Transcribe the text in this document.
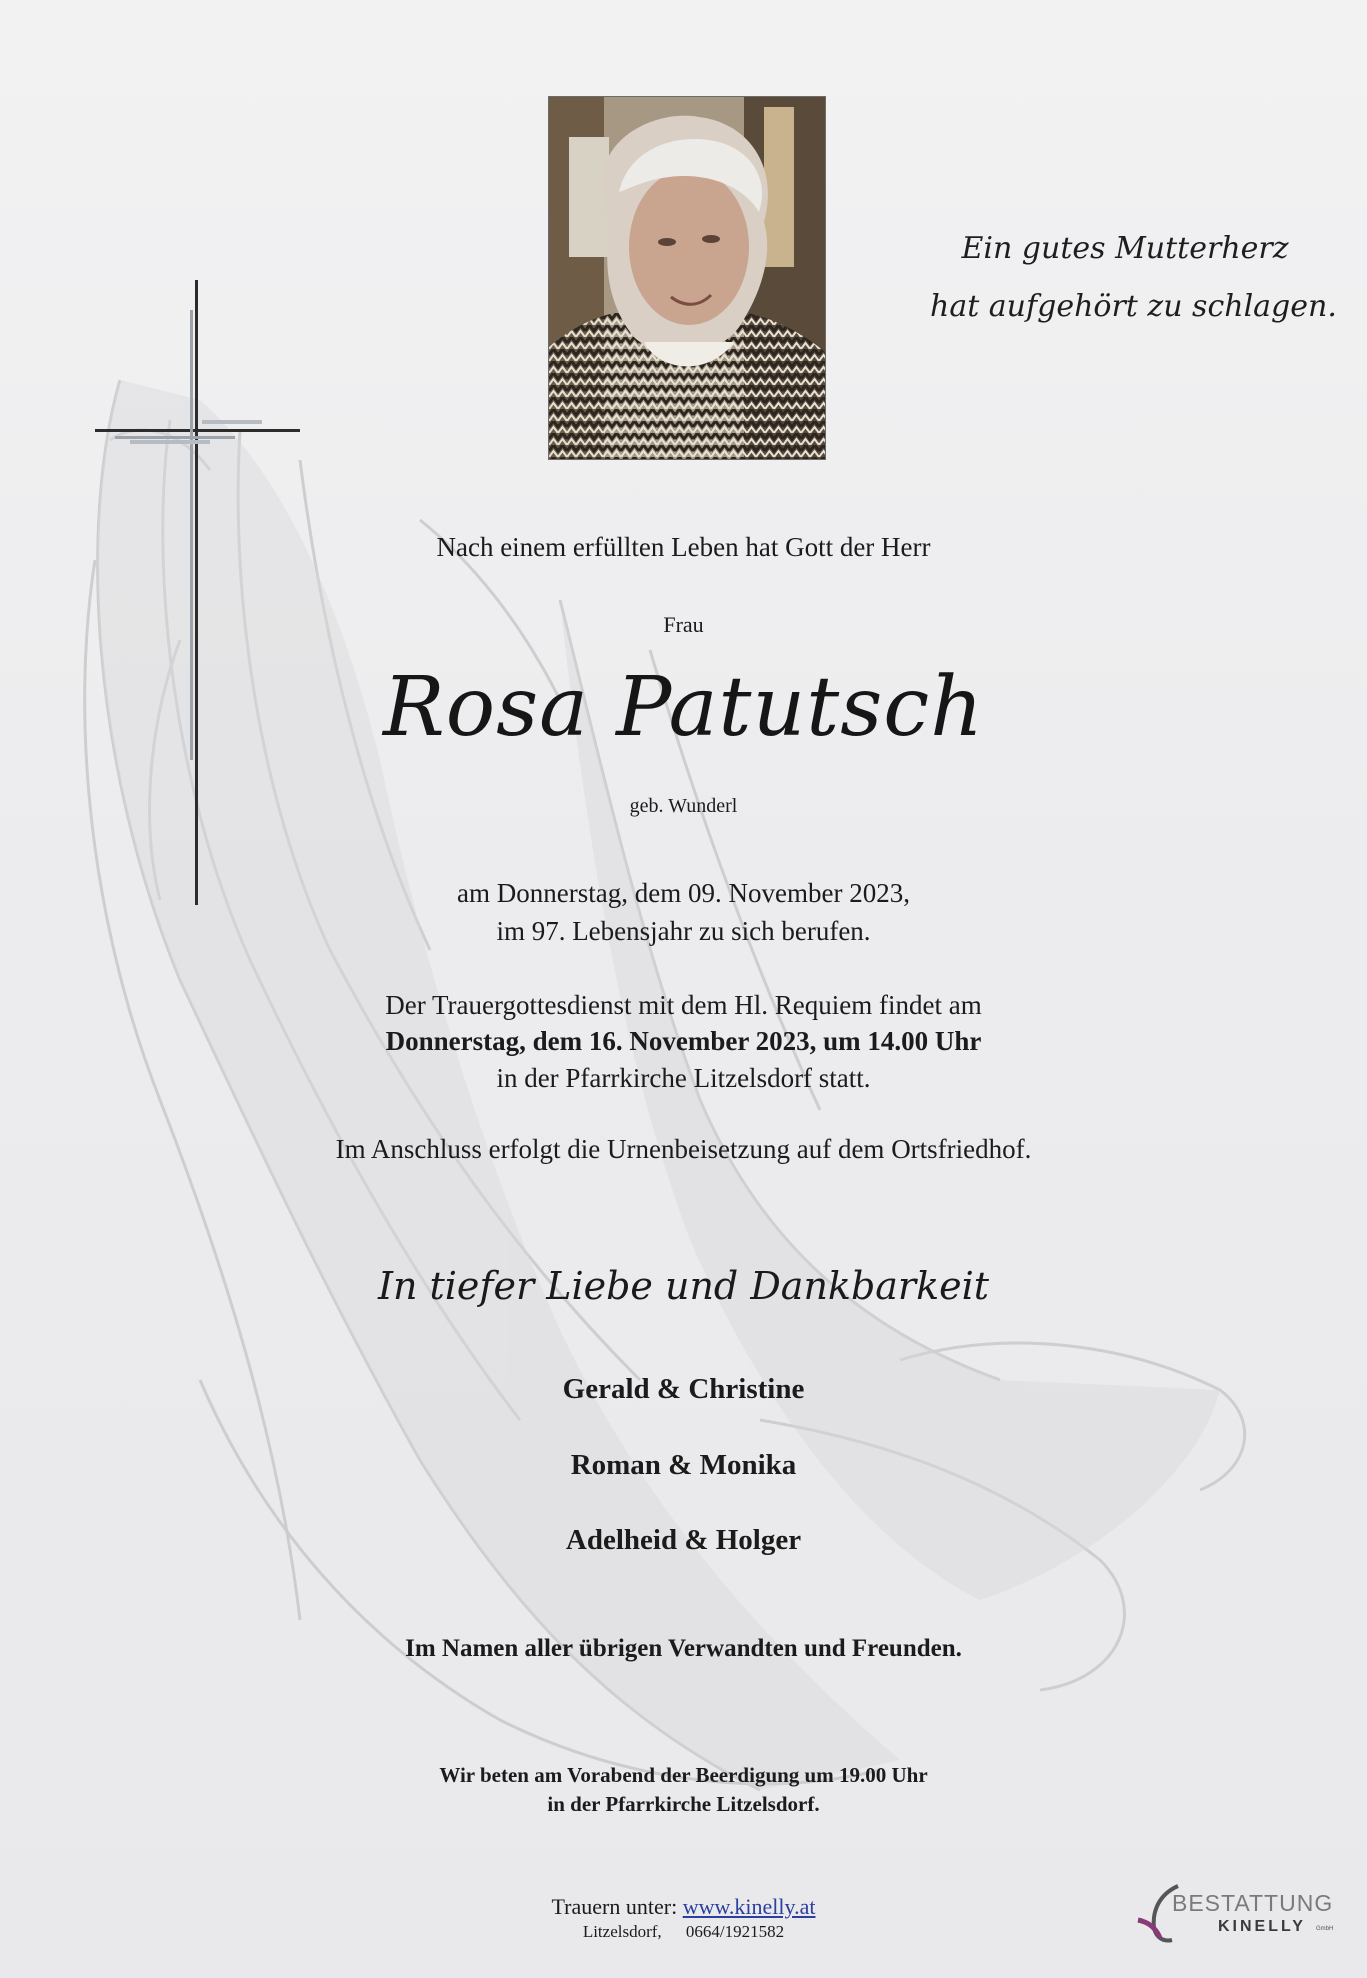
Ein gutes Mutterherz
hat aufgehört zu schlagen.
Nach einem erfüllten Leben hat Gott der Herr
Frau
Rosa Patutsch
geb. Wunderl
am Donnerstag, dem 09. November 2023,
im 97. Lebensjahr zu sich berufen.
Der Trauergottesdienst mit dem Hl. Requiem findet am
Donnerstag, dem 16. November 2023, um 14.00 Uhr
in der Pfarrkirche Litzelsdorf statt.
Im Anschluss erfolgt die Urnenbeisetzung auf dem Ortsfriedhof.
In tiefer Liebe und Dankbarkeit
Gerald & Christine
Roman & Monika
Adelheid & Holger
Im Namen aller übrigen Verwandten und Freunden.
Wir beten am Vorabend der Beerdigung um 19.00 Uhr
in der Pfarrkirche Litzelsdorf.
Trauern unter: www.kinelly.at
Litzelsdorf, 0664/1921582
BESTATTUNG
KINELLY GmbH
